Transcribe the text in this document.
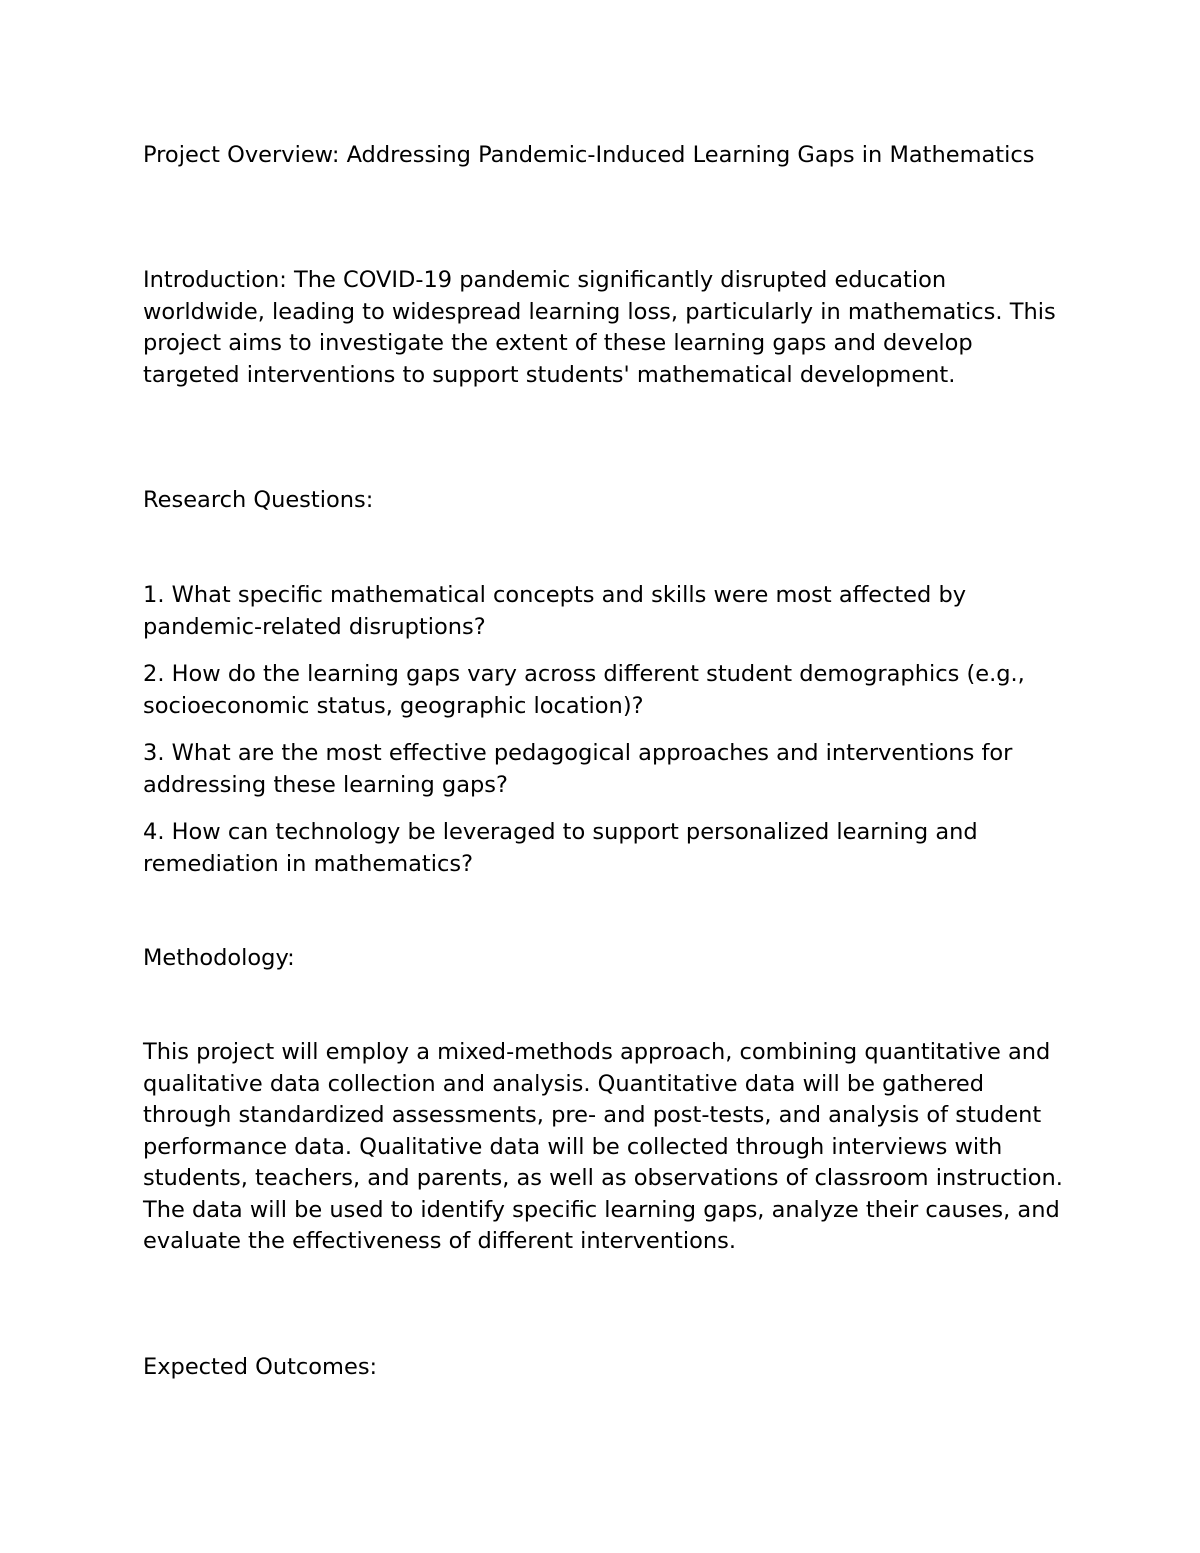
Project Overview: Addressing Pandemic-Induced Learning Gaps in Mathematics

Introduction: The COVID-19 pandemic significantly disrupted education worldwide, leading to widespread learning loss, particularly in mathematics. This project aims to investigate the extent of these learning gaps and develop targeted interventions to support students' mathematical development.

Research Questions:

1. What specific mathematical concepts and skills were most affected by pandemic-related disruptions?

2. How do the learning gaps vary across different student demographics (e.g., socioeconomic status, geographic location)?

3. What are the most effective pedagogical approaches and interventions for addressing these learning gaps?

4. How can technology be leveraged to support personalized learning and remediation in mathematics?

Methodology:

This project will employ a mixed-methods approach, combining quantitative and qualitative data collection and analysis. Quantitative data will be gathered through standardized assessments, pre- and post-tests, and analysis of student performance data. Qualitative data will be collected through interviews with students, teachers, and parents, as well as observations of classroom instruction. The data will be used to identify specific learning gaps, analyze their causes, and evaluate the effectiveness of different interventions.

Expected Outcomes:
